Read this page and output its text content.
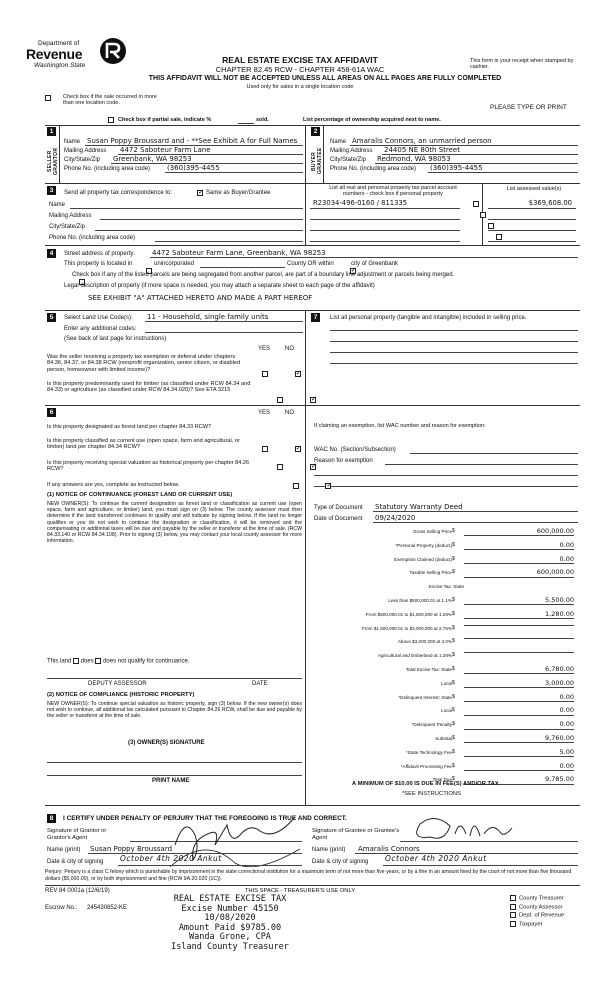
Department of
Revenue
Washington State
REAL ESTATE EXCISE TAX AFFIDAVIT
CHAPTER 82.45 RCW - CHAPTER 458-61A WAC
THIS AFFIDAVIT WILL NOT BE ACCEPTED UNLESS ALL AREAS ON ALL PAGES ARE FULLY COMPLETED
Used only for sales in a single location code
This form is your receipt when stamped by cashier.
Check box if the sale occurred in more than one location code.
PLEASE TYPE OR PRINT
Check box if partial sale, indicate %	sold.	List percentage of ownership acquired next to name.
1
SELLER GRANTOR
Name Susan Poppy Broussard and - **See Exhibit A for Full Names
Mailing Address 4472 Saboteur Farm Lane
City/State/Zip Greenbank, WA 98253
Phone No. (including area code) (360)395-4455
2
BUYER GRANTEE
Name Amaralis Connors, an unmarried person
Mailing Address 24405 NE 80th Street
City/State/Zip Redmond, WA 98053
Phone No. (including area code) (360)395-4455
3	Send all property tax correspondence to:
✓	Same as Buyer/Grantee
Name
Mailing Address
City/State/Zip
Phone No. (including area code)
List all real and personal property tax parcel account numbers - check box if personal property
List assessed value(s)
R23034-496-0160 / 811335
	$369,608.00

4	Street address of property: 4472 Saboteur Farm Lane, Greenbank, WA 98253
This property is located in
	unincorporated	County OR within
✓	city of Greenbank
Check box if any of the listed parcels are being segregated from another parcel, are part of a boundary line adjustment or parcels being merged.
Legal description of property (if more space is needed, you may attach a separate sheet to each page of the affidavit)
SEE EXHIBIT "A" ATTACHED HERETO AND MADE A PART HEREOF
5	Select Land Use Code(s): 11 - Household, single family units
Enter any additional codes:
(See back of last page for instructions)
YES NO
Was the seller receiving a property tax exemption or deferral under chapters 84.36, 84.37, or 84.38 RCW (nonprofit organization, senior citizen, or disabled person, homeowner with limited income)?
✓
Is this property predominantly used for timber (as classified under RCW 84.34 and 84.33) or agriculture (as classified under RCW 84.34.020)? See ETA 3215
✓
7	List all personal property (tangible and intangible) included in selling price.
If claiming an exemption, list WAC number and reason for exemption:
WAC No. (Section/Subsection)
Reason for exemption
Type of Document Statutory Warranty Deed
Date of Document 09/24/2020
6	YES NO
Is this property designated as forest land per chapter 84.33 RCW?
✓
Is this property classified as current use (open space, farm and agricultural, or timber) land per chapter 84.34 RCW?
✓
Is this property receiving special valuation as historical property per chapter 84.26 RCW?
✓
If any answers are yes, complete as instructed below.
(1) NOTICE OF CONTINUANCE (FOREST LAND OR CURRENT USE)
NEW OWNER(S): To continue the current designation as forest land or classification as current use (open space, farm and agriculture, or timber) land, you must sign on (3) below. The county assessor must then determine if the land transferred continues to qualify and will indicate by signing below. If the land no longer qualifies or you do not wish to continue the designation or classification, it will be removed and the compensating or additional taxes will be due and payable by the seller or transferor at the time of sale. (RCW 84.33.140 or RCW 84.34.108). Prior to signing (3) below, you may contact your local county assessor for more information.
This land does does not qualify for continuance.
DEPUTY ASSESSOR	DATE
(2) NOTICE OF COMPLIANCE (HISTORIC PROPERTY)
NEW OWNER(S): To continue special valuation as historic property, sign (3) below. If the new owner(s) does not wish to continue, all additional tax calculated pursuant to Chapter 84.26 RCW, shall be due and payable by the seller or transferor at the time of sale.
(3) OWNER(S) SIGNATURE
PRINT NAME
Gross Selling Price $	600,000.00
*Personal Property (deduct) $	0.00
Exemption Claimed (deduct) $	0.00
Taxable Selling Price $	600,000.00
Excise Tax: State
Less than $500,000.01 at 1.1% $	5,500.00
From $500,000.01 to $1,500,000 at 1.28% $	1,280.00
From $1,500,000.01 to $3,000,000 at 2.75% $
Above $3,000,000 at 3.0% $
Agricultural and timberland at 1.28% $
Total Excise Tax: State $	6,780.00
Local $	3,000.00
*Delinquent Interest: State $	0.00
Local $	0.00
*Delinquent Penalty $	0.00
Subtotal $	9,760.00
*State Technology Fee $	5.00
*Affidavit Processing Fee $	0.00
Total Due $	9,785.00
A MINIMUM OF $10.00 IS DUE IN FEE(S) AND/OR TAX
*SEE INSTRUCTIONS
8	I CERTIFY UNDER PENALTY OF PERJURY THAT THE FOREGOING IS TRUE AND CORRECT.
Signature of Grantor or Grantor's Agent
Name (print) Susan Poppy Broussard
Date & city of signing October 4th 2020 Ankut
Signature of Grantee or Grantee's Agent
Name (print) Amaralis Connors
Date & city of signing October 4th 2020 Ankut
Perjury: Perjury is a class C felony which is punishable by imprisonment in the state correctional institution for a maximum term of not more than five years, or by a fine in an amount fixed by the court of not more than five thousand dollars ($5,000.00), or by both imprisonment and fine (RCW 9A.20.020 (1C)).
REV 84 0001a (12/6/19)	THIS SPACE - TREASURER'S USE ONLY
Escrow No.: 245430852-KE
REAL ESTATE EXCISE TAX
Excise Number 45150
10/08/2020
Amount Paid $9785.00
Wanda Grone, CPA
Island County Treasurer
County Treasurer
County Assessor
Dept. of Revenue
Taxpayer
